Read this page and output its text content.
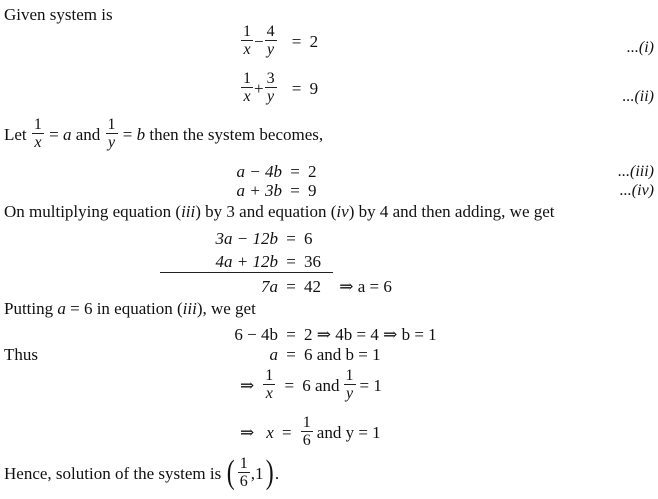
Given system is
$\frac{1}{x} - \frac{4}{y} = 2$	...(i)
$\frac{1}{x} + \frac{3}{y} = 9$	...(ii)
Let
$\frac{1}{x}$
=
a
and
$\frac{1}{y}$
=
b
then the system becomes,
a − 4b = 2	...(iii)
a + 3b = 9	...(iv)
On multiplying equation (iii) by 3 and equation (iv) by 4 and then adding, we get
3a − 12b = 6
4a + 12b = 36
7a = 42 ⇒ a = 6
Putting a = 6 in equation (iii), we get
6 − 4b = 2 ⇒ 4b = 4 ⇒ b = 1
Thus	a = 6 and b = 1
⇒ $\frac{1}{x} = 6$ and $\frac{1}{y} = 1$
⇒ $x = \frac{1}{6}$ and y = 1
Hence, solution of the system is
( $\frac{1}{6}$ , 1 ) .
